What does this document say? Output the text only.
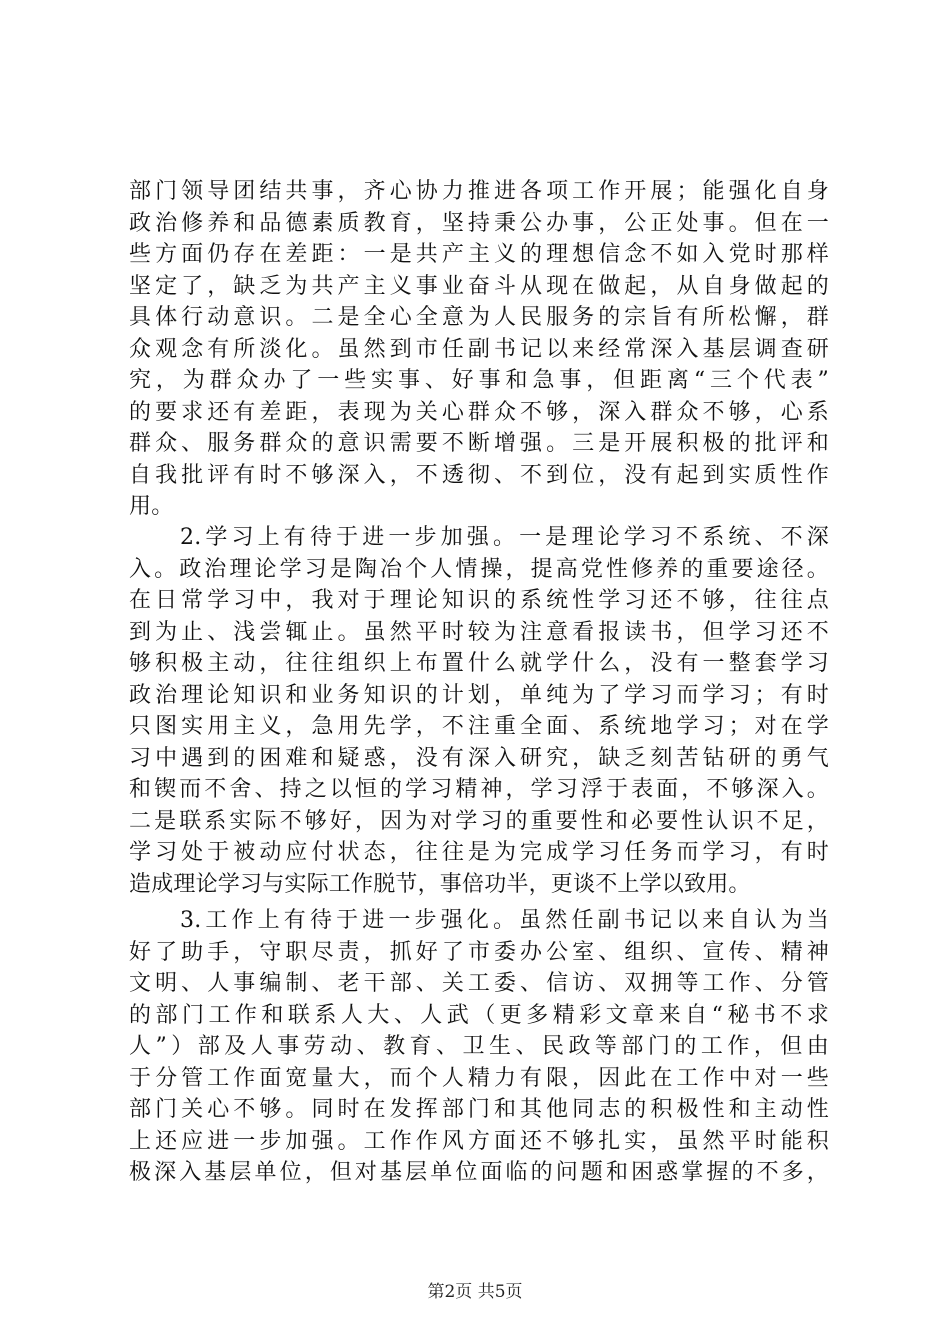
部门领导团结共事，齐心协力推进各项工作开展；能强化自身
政治修养和品德素质教育，坚持秉公办事，公正处事。但在一
些方面仍存在差距：一是共产主义的理想信念不如入党时那样
坚定了，缺乏为共产主义事业奋斗从现在做起，从自身做起的
具体行动意识。二是全心全意为人民服务的宗旨有所松懈，群
众观念有所淡化。虽然到市任副书记以来经常深入基层调查研
究，为群众办了一些实事、好事和急事，但距离“三个代表”
的要求还有差距，表现为关心群众不够，深入群众不够，心系
群众、服务群众的意识需要不断增强。三是开展积极的批评和
自我批评有时不够深入，不透彻、不到位，没有起到实质性作
用。
2.学习上有待于进一步加强。一是理论学习不系统、不深
入。政治理论学习是陶冶个人情操，提高党性修养的重要途径。
在日常学习中，我对于理论知识的系统性学习还不够，往往点
到为止、浅尝辄止。虽然平时较为注意看报读书，但学习还不
够积极主动，往往组织上布置什么就学什么，没有一整套学习
政治理论知识和业务知识的计划，单纯为了学习而学习；有时
只图实用主义，急用先学，不注重全面、系统地学习；对在学
习中遇到的困难和疑惑，没有深入研究，缺乏刻苦钻研的勇气
和锲而不舍、持之以恒的学习精神，学习浮于表面，不够深入。
二是联系实际不够好，因为对学习的重要性和必要性认识不足，
学习处于被动应付状态，往往是为完成学习任务而学习，有时
造成理论学习与实际工作脱节，事倍功半，更谈不上学以致用。
3.工作上有待于进一步强化。虽然任副书记以来自认为当
好了助手，守职尽责，抓好了市委办公室、组织、宣传、精神
文明、人事编制、老干部、关工委、信访、双拥等工作、分管
的部门工作和联系人大、人武（更多精彩文章来自“秘书不求
人”）部及人事劳动、教育、卫生、民政等部门的工作，但由
于分管工作面宽量大，而个人精力有限，因此在工作中对一些
部门关心不够。同时在发挥部门和其他同志的积极性和主动性
上还应进一步加强。工作作风方面还不够扎实，虽然平时能积
极深入基层单位，但对基层单位面临的问题和困惑掌握的不多，
第2页 共5页
